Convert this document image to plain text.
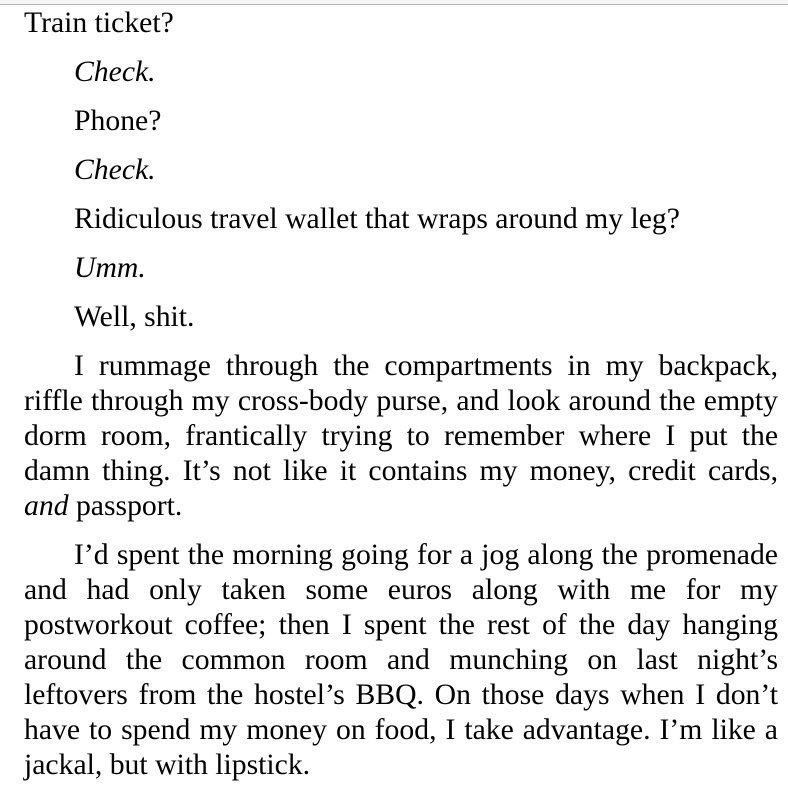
Train ticket?

Check.

Phone?

Check.

Ridiculous travel wallet that wraps around my leg?

Umm.

Well, shit.

I rummage through the compartments in my backpack, riffle through my cross-body purse, and look around the empty dorm room, frantically trying to remember where I put the damn thing. It’s not like it contains my money, credit cards, and passport.

I’d spent the morning going for a jog along the promenade and had only taken some euros along with me for my postworkout coffee; then I spent the rest of the day hanging around the common room and munching on last night’s leftovers from the hostel’s BBQ. On those days when I don’t have to spend my money on food, I take advantage. I’m like a jackal, but with lipstick.
